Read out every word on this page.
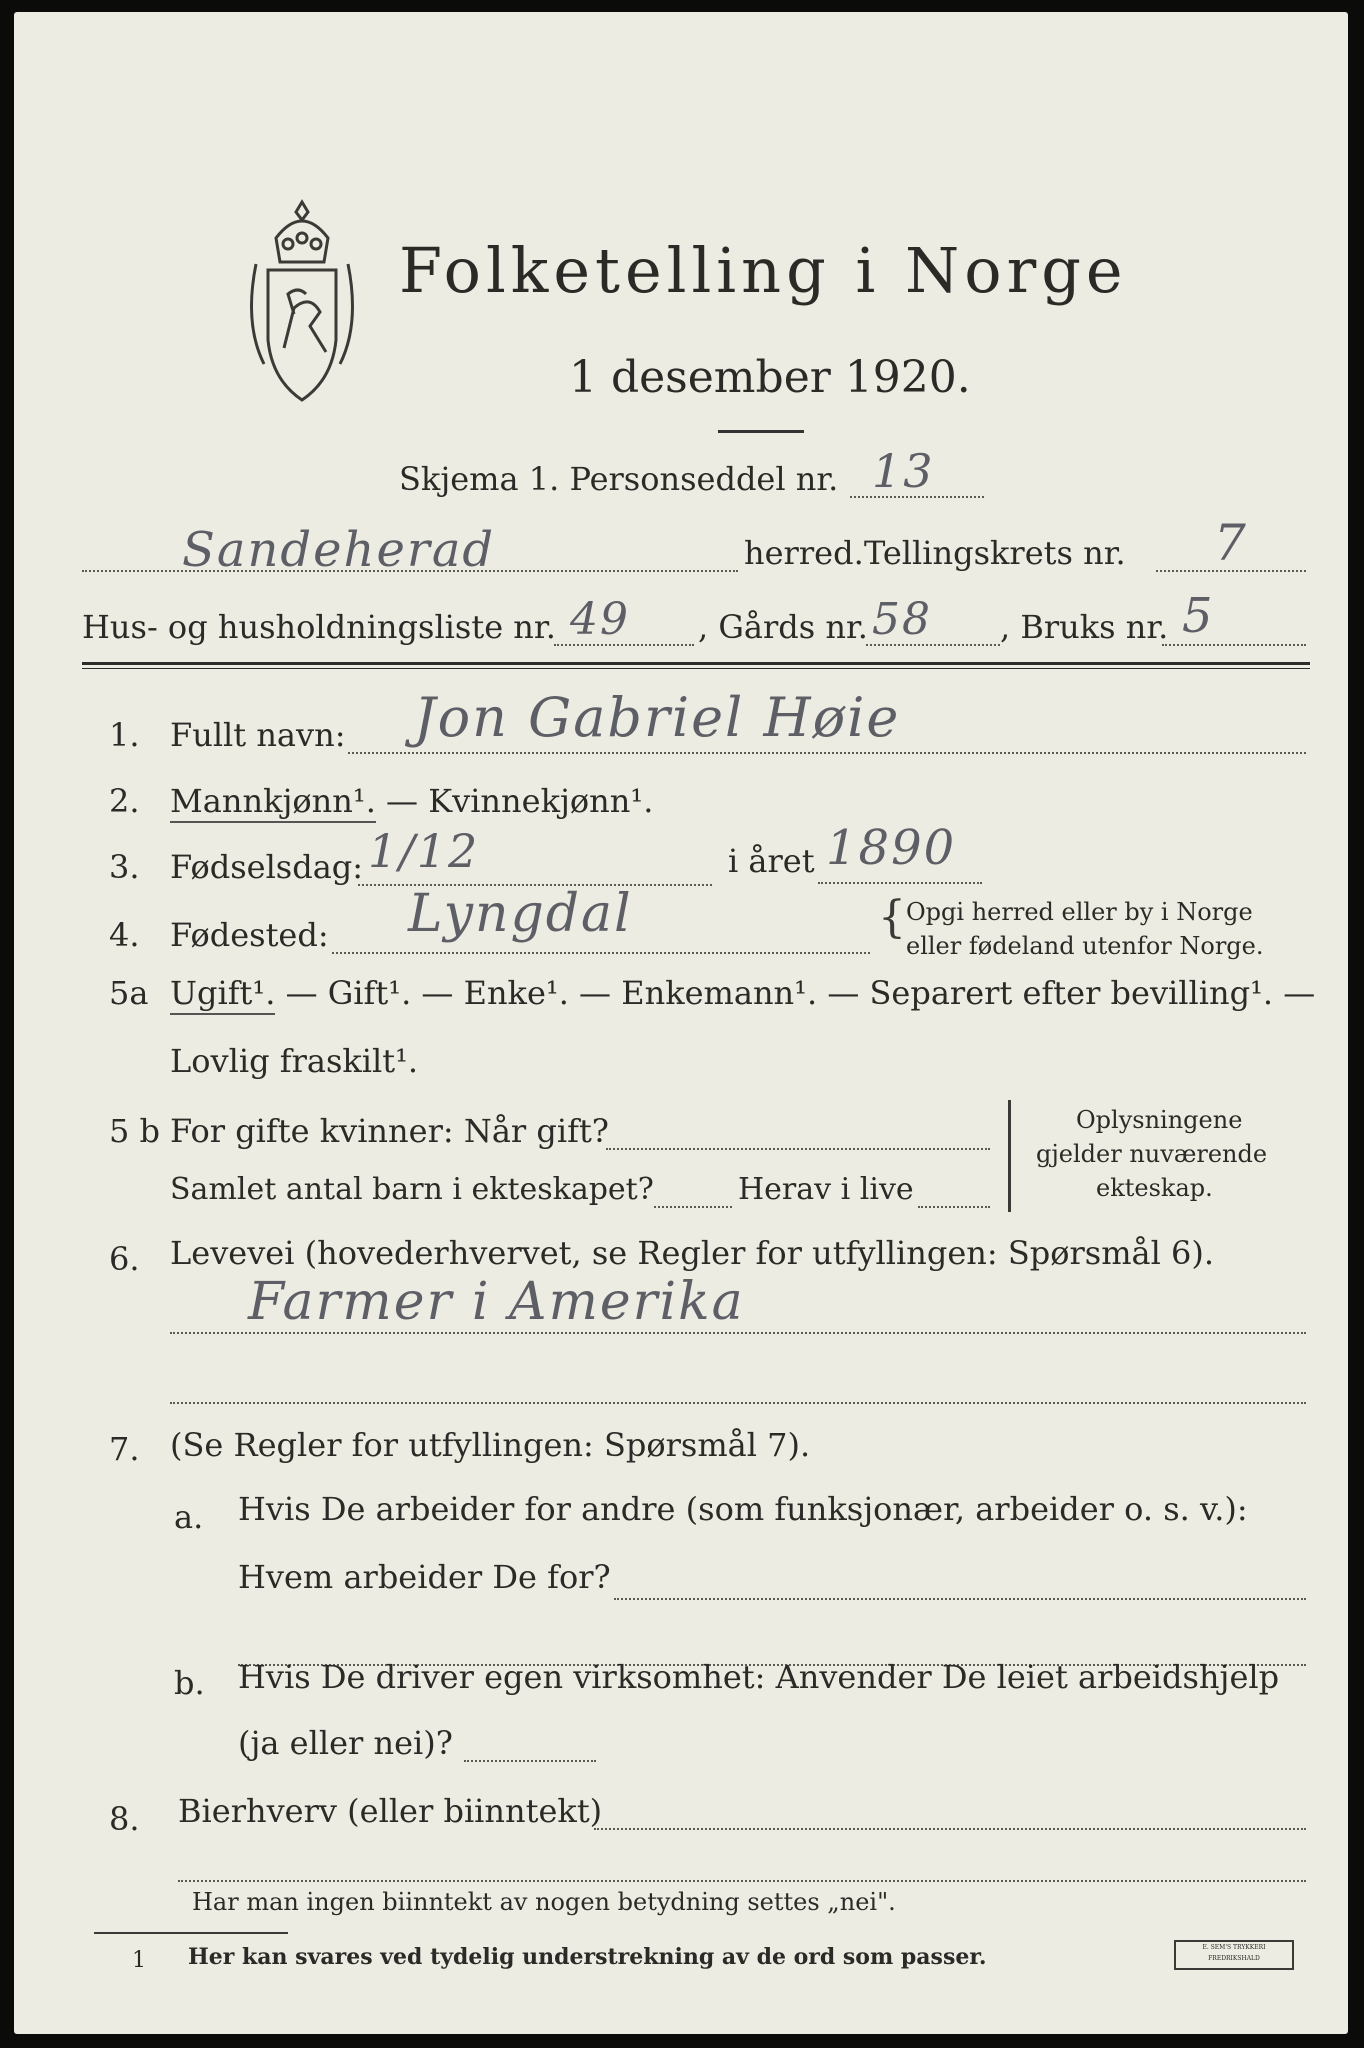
Folketelling i Norge
1 desember 1920.
Skjema 1. Personseddel nr. 13
Sandeherad	herred. Tellingskrets nr. 7
Hus- og husholdningsliste nr. 49 , Gårds nr. 58 , Bruks nr. 5
1. Fullt navn: Jon Gabriel Høie
2. Mannkjønn¹. — Kvinnekjønn¹.
3. Fødselsdag: 1/12	i året 1890
4. Fødested: Lyngdal	{ Opgi herred eller by i Norge
eller fødeland utenfor Norge.
5a Ugift¹. — Gift¹. — Enke¹. — Enkemann¹. — Separert efter bevilling¹. —
Lovlig fraskilt¹.
5 b For gifte kvinner: Når gift?
Samlet antal barn i ekteskapet?	Herav i live
Oplysningene
gjelder nuværende
ekteskap.
6. Levevei (hovederhvervet, se Regler for utfyllingen: Spørsmål 6).
Farmer i Amerika
7. (Se Regler for utfyllingen: Spørsmål 7).
a. Hvis De arbeider for andre (som funksjonær, arbeider o. s. v.):
Hvem arbeider De for?
b. Hvis De driver egen virksomhet: Anvender De leiet arbeidshjelp
(ja eller nei)?
8. Bierhverv (eller biinntekt)
Har man ingen biinntekt av nogen betydning settes „nei".
1 Her kan svares ved tydelig understrekning av de ord som passer.	E. SEM'S TRYKKERI FREDRIKSHALD
